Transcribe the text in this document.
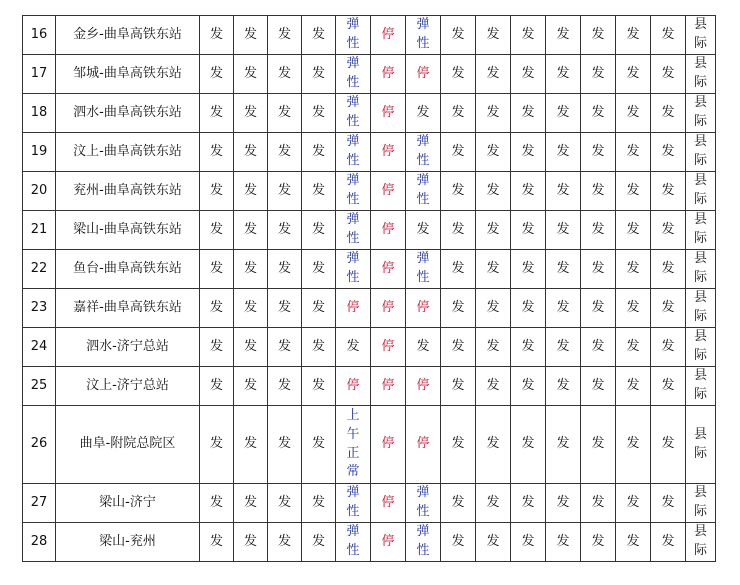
16	金乡-曲阜高铁东站	发	发	发	发	弹性	停	弹性	发	发	发	发	发	发	发	县际
17	邹城-曲阜高铁东站	发	发	发	发	弹性	停	停	发	发	发	发	发	发	发	县际
18	泗水-曲阜高铁东站	发	发	发	发	弹性	停	发	发	发	发	发	发	发	发	县际
19	汶上-曲阜高铁东站	发	发	发	发	弹性	停	弹性	发	发	发	发	发	发	发	县际
20	兖州-曲阜高铁东站	发	发	发	发	弹性	停	弹性	发	发	发	发	发	发	发	县际
21	梁山-曲阜高铁东站	发	发	发	发	弹性	停	发	发	发	发	发	发	发	发	县际
22	鱼台-曲阜高铁东站	发	发	发	发	弹性	停	弹性	发	发	发	发	发	发	发	县际
23	嘉祥-曲阜高铁东站	发	发	发	发	停	停	停	发	发	发	发	发	发	发	县际
24	泗水-济宁总站	发	发	发	发	发	停	发	发	发	发	发	发	发	发	县际
25	汶上-济宁总站	发	发	发	发	停	停	停	发	发	发	发	发	发	发	县际
26	曲阜-附院总院区	发	发	发	发	上午正常	停	停	发	发	发	发	发	发	发	县际
27	梁山-济宁	发	发	发	发	弹性	停	弹性	发	发	发	发	发	发	发	县际
28	梁山-兖州	发	发	发	发	弹性	停	弹性	发	发	发	发	发	发	发	县际
